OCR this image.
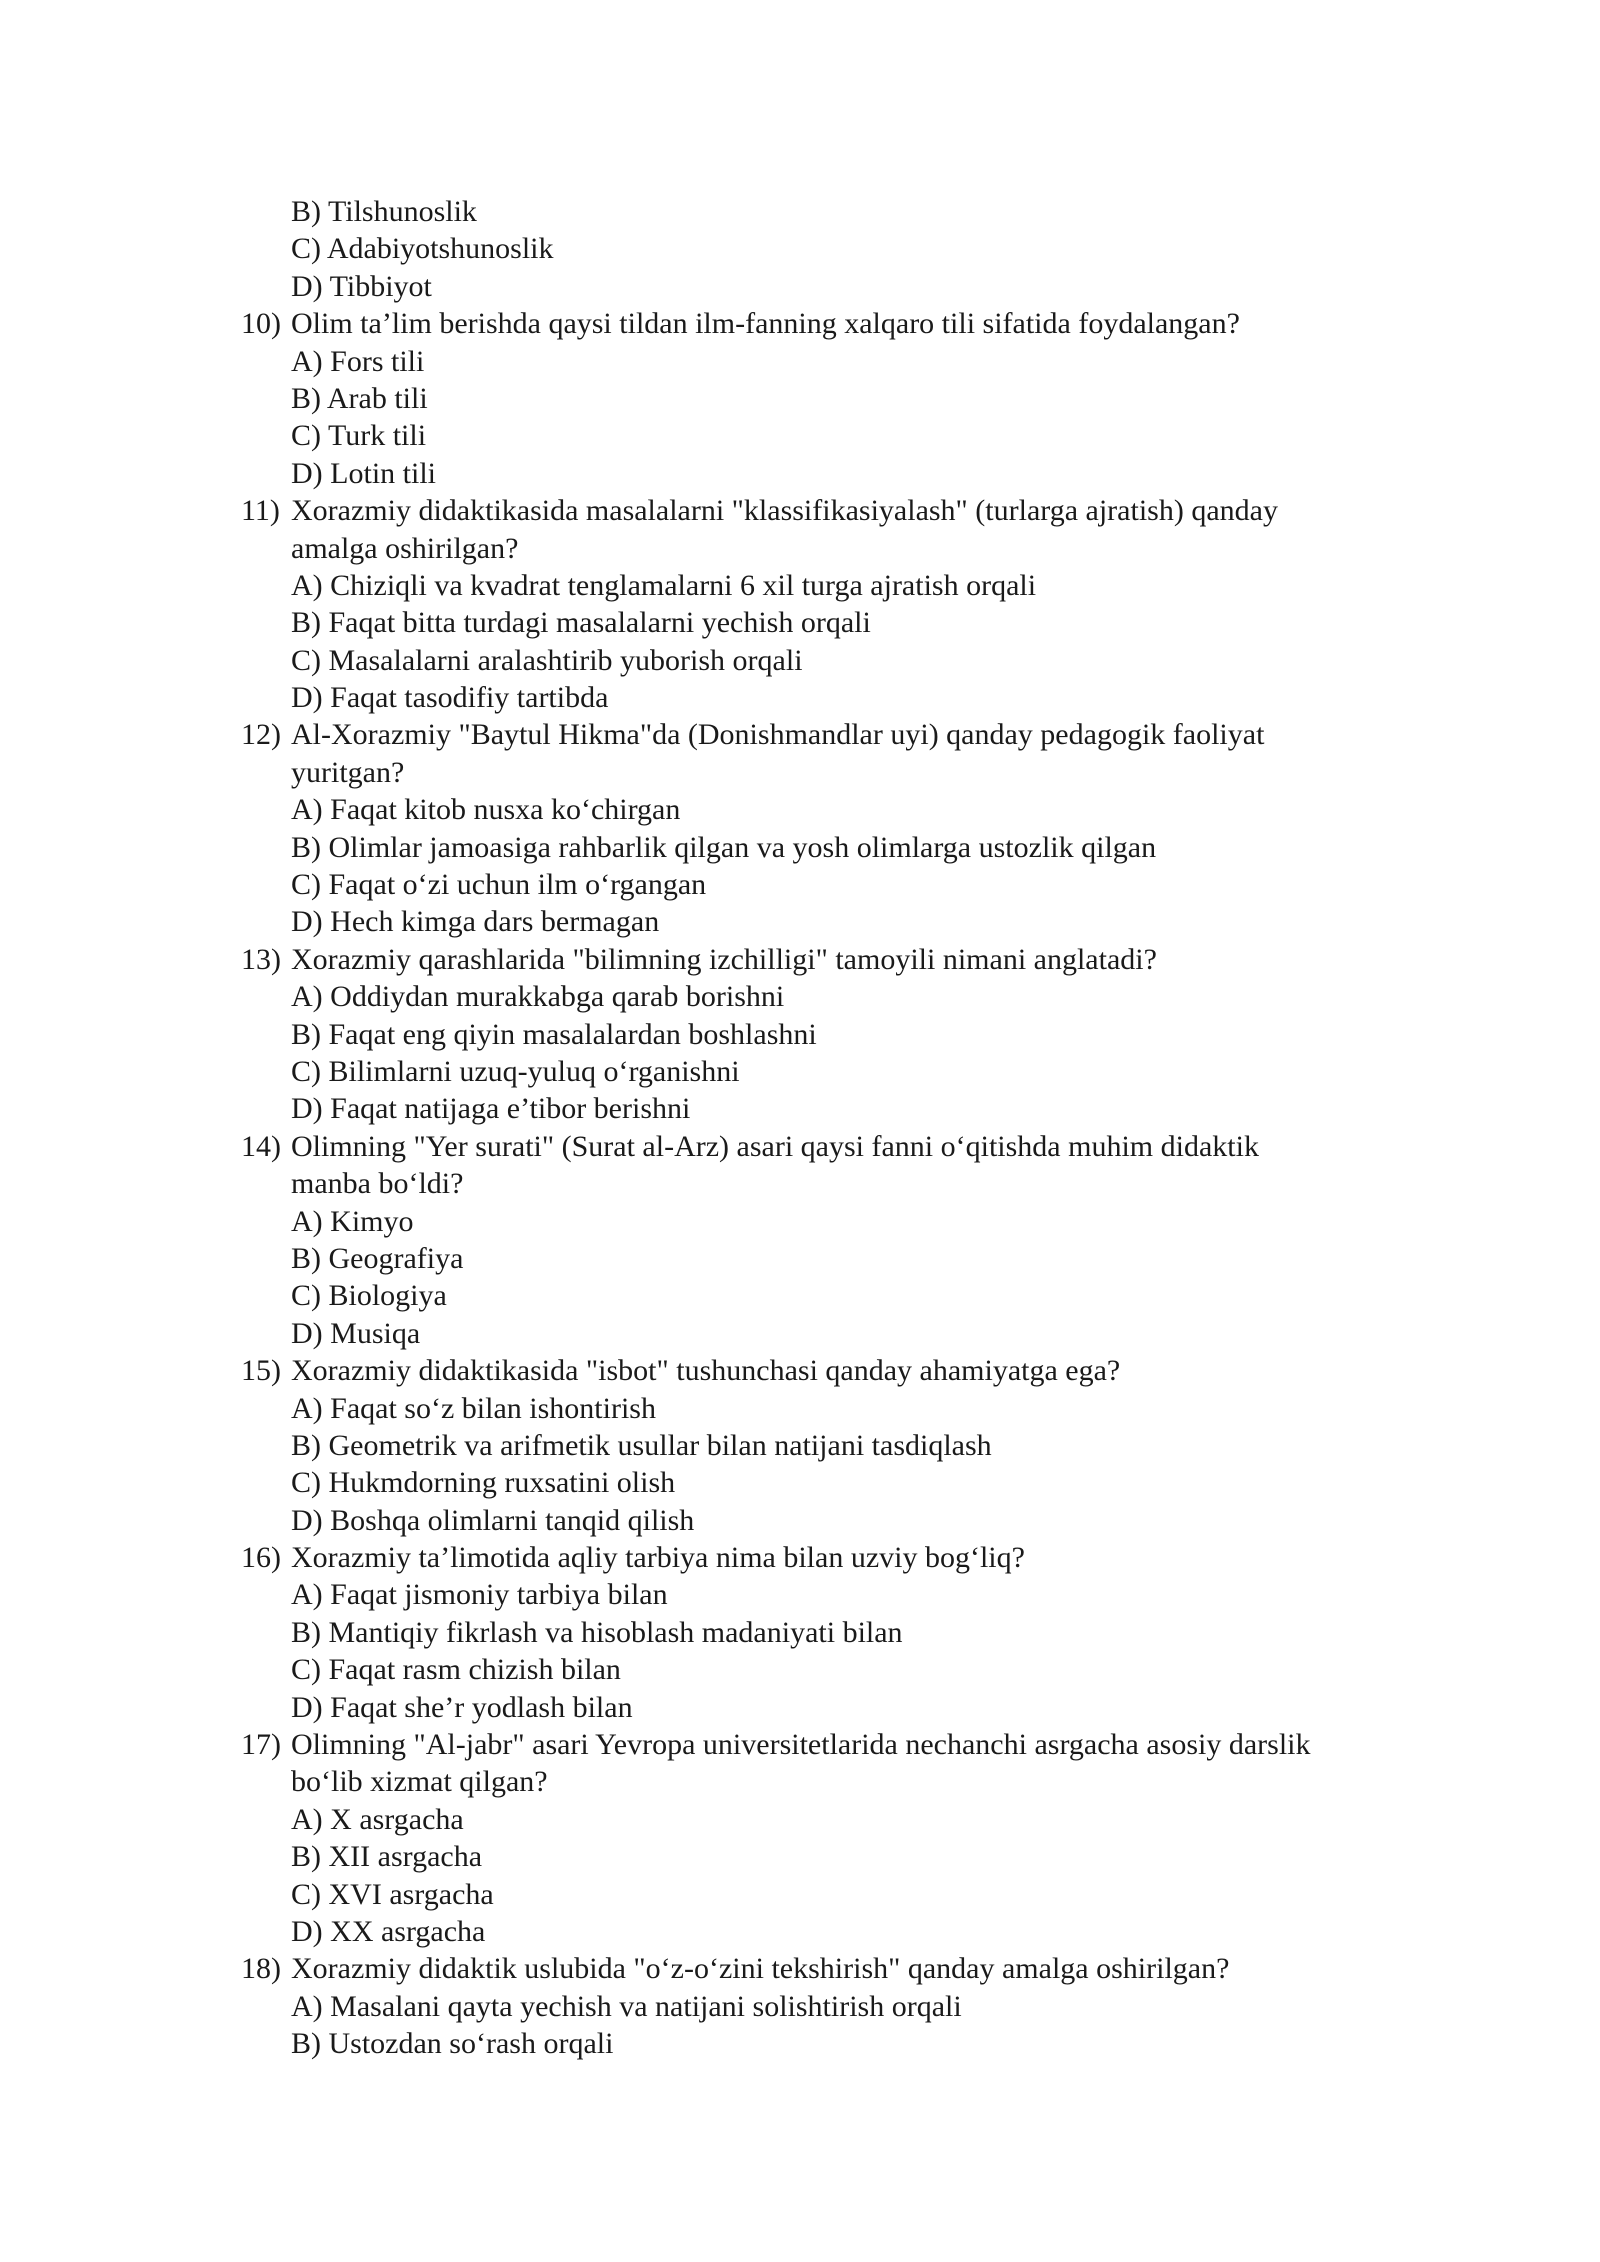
B) Tilshunoslik
C) Adabiyotshunoslik
D) Tibbiyot
10) Olim ta’lim berishda qaysi tildan ilm-fanning xalqaro tili sifatida foydalangan?
A) Fors tili
B) Arab tili
C) Turk tili
D) Lotin tili
11) Xorazmiy didaktikasida masalalarni "klassifikasiyalash" (turlarga ajratish) qanday
amalga oshirilgan?
A) Chiziqli va kvadrat tenglamalarni 6 xil turga ajratish orqali
B) Faqat bitta turdagi masalalarni yechish orqali
C) Masalalarni aralashtirib yuborish orqali
D) Faqat tasodifiy tartibda
12) Al-Xorazmiy "Baytul Hikma"da (Donishmandlar uyi) qanday pedagogik faoliyat
yuritgan?
A) Faqat kitob nusxa ko‘chirgan
B) Olimlar jamoasiga rahbarlik qilgan va yosh olimlarga ustozlik qilgan
C) Faqat o‘zi uchun ilm o‘rgangan
D) Hech kimga dars bermagan
13) Xorazmiy qarashlarida "bilimning izchilligi" tamoyili nimani anglatadi?
A) Oddiydan murakkabga qarab borishni
B) Faqat eng qiyin masalalardan boshlashni
C) Bilimlarni uzuq-yuluq o‘rganishni
D) Faqat natijaga e’tibor berishni
14) Olimning "Yer surati" (Surat al-Arz) asari qaysi fanni o‘qitishda muhim didaktik
manba bo‘ldi?
A) Kimyo
B) Geografiya
C) Biologiya
D) Musiqa
15) Xorazmiy didaktikasida "isbot" tushunchasi qanday ahamiyatga ega?
A) Faqat so‘z bilan ishontirish
B) Geometrik va arifmetik usullar bilan natijani tasdiqlash
C) Hukmdorning ruxsatini olish
D) Boshqa olimlarni tanqid qilish
16) Xorazmiy ta’limotida aqliy tarbiya nima bilan uzviy bog‘liq?
A) Faqat jismoniy tarbiya bilan
B) Mantiqiy fikrlash va hisoblash madaniyati bilan
C) Faqat rasm chizish bilan
D) Faqat she’r yodlash bilan
17) Olimning "Al-jabr" asari Yevropa universitetlarida nechanchi asrgacha asosiy darslik
bo‘lib xizmat qilgan?
A) X asrgacha
B) XII asrgacha
C) XVI asrgacha
D) XX asrgacha
18) Xorazmiy didaktik uslubida "o‘z-o‘zini tekshirish" qanday amalga oshirilgan?
A) Masalani qayta yechish va natijani solishtirish orqali
B) Ustozdan so‘rash orqali
